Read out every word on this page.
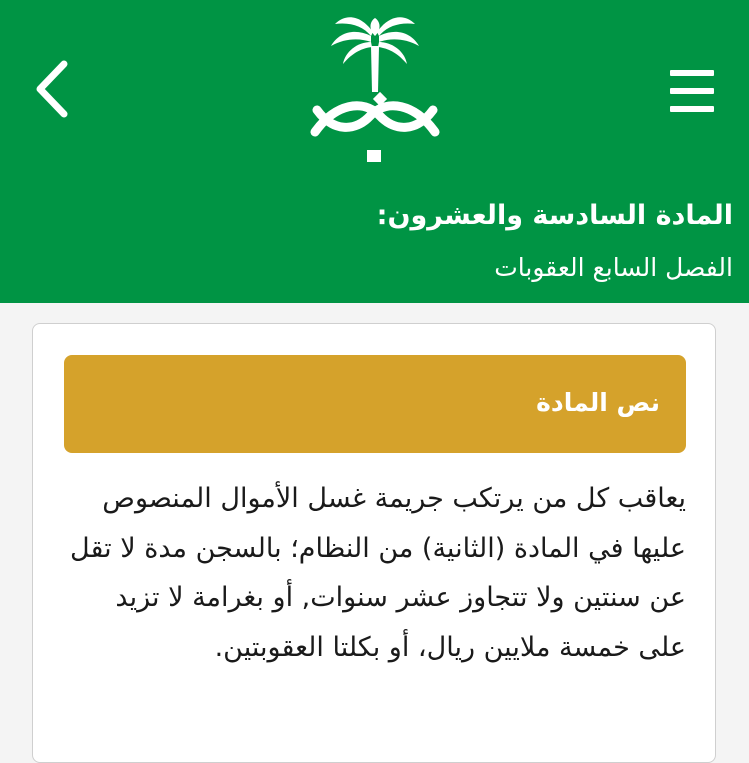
المادة السادسة والعشرون:
الفصل السابع العقوبات
نص المادة
يعاقب كل من يرتكب جريمة غسل الأموال المنصوص عليها في المادة (الثانية) من النظام؛ بالسجن مدة لا تقل عن سنتين ولا تتجاوز عشر سنوات, أو بغرامة لا تزيد على خمسة ملايين ريال، أو بكلتا العقوبتين.
